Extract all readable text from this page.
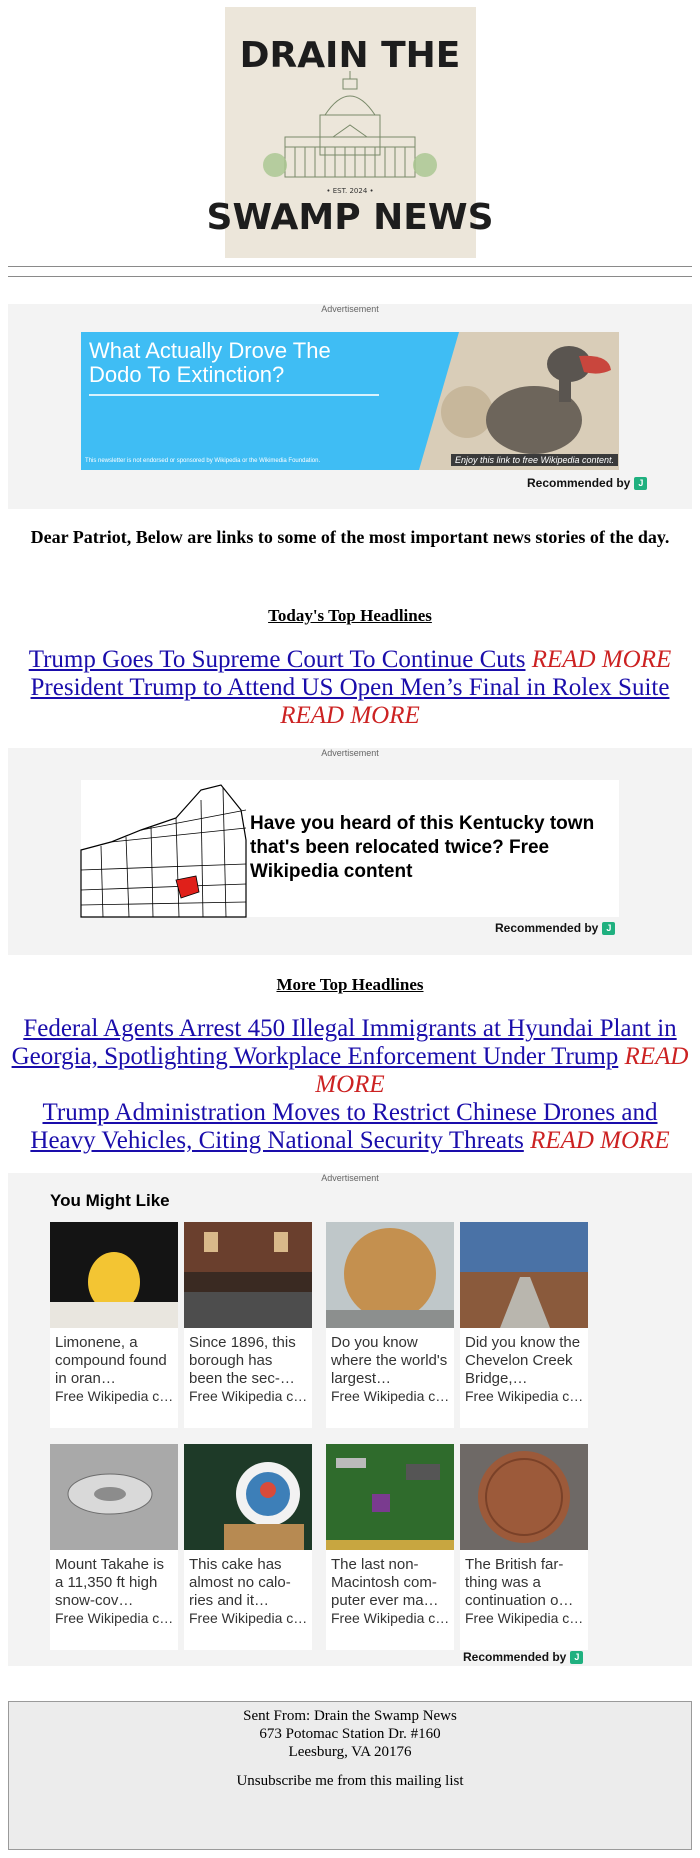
DRAIN THE
• EST. 2024 •
SWAMP NEWS
Advertisement
What Actually Drove The Dodo To Extinction?
This newsletter is not endorsed or sponsored by Wikipedia or the Wikimedia Foundation.	Enjoy this link to free Wikipedia content.
Recommended by J
Dear Patriot, Below are links to some of the most important news stories of the day.
Today's Top Headlines
Trump Goes To Supreme Court To Continue Cuts READ MORE
President Trump to Attend US Open Men’s Final in Rolex Suite READ MORE
Advertisement
Have you heard of this Kentucky town that's been relocated twice? Free Wikipedia content
Recommended by J
More Top Headlines
Federal Agents Arrest 450 Illegal Immigrants at Hyundai Plant in Georgia, Spotlighting Workplace Enforcement Under Trump READ MORE
Trump Administration Moves to Restrict Chinese Drones and Heavy Vehicles, Citing National Security Threats READ MORE
Advertisement
You Might Like
Limonene, a compound found in oran…
Free Wikipedia c…
Since 1896, this borough has been the sec-…
Free Wikipedia c…
Do you know where the world's largest…
Free Wikipedia c…
Did you know the Chevelon Creek Bridge,…
Free Wikipedia c…
Mount Takahe is a 11,350 ft high snow-cov…
Free Wikipedia c…
This cake has almost no calo-ries and it…
Free Wikipedia c…
The last non-Macintosh com-puter ever ma…
Free Wikipedia c…
The British far-thing was a continuation o…
Free Wikipedia c…
Recommended by J
Sent From: Drain the Swamp News
673 Potomac Station Dr. #160
Leesburg, VA 20176
Unsubscribe me from this mailing list
